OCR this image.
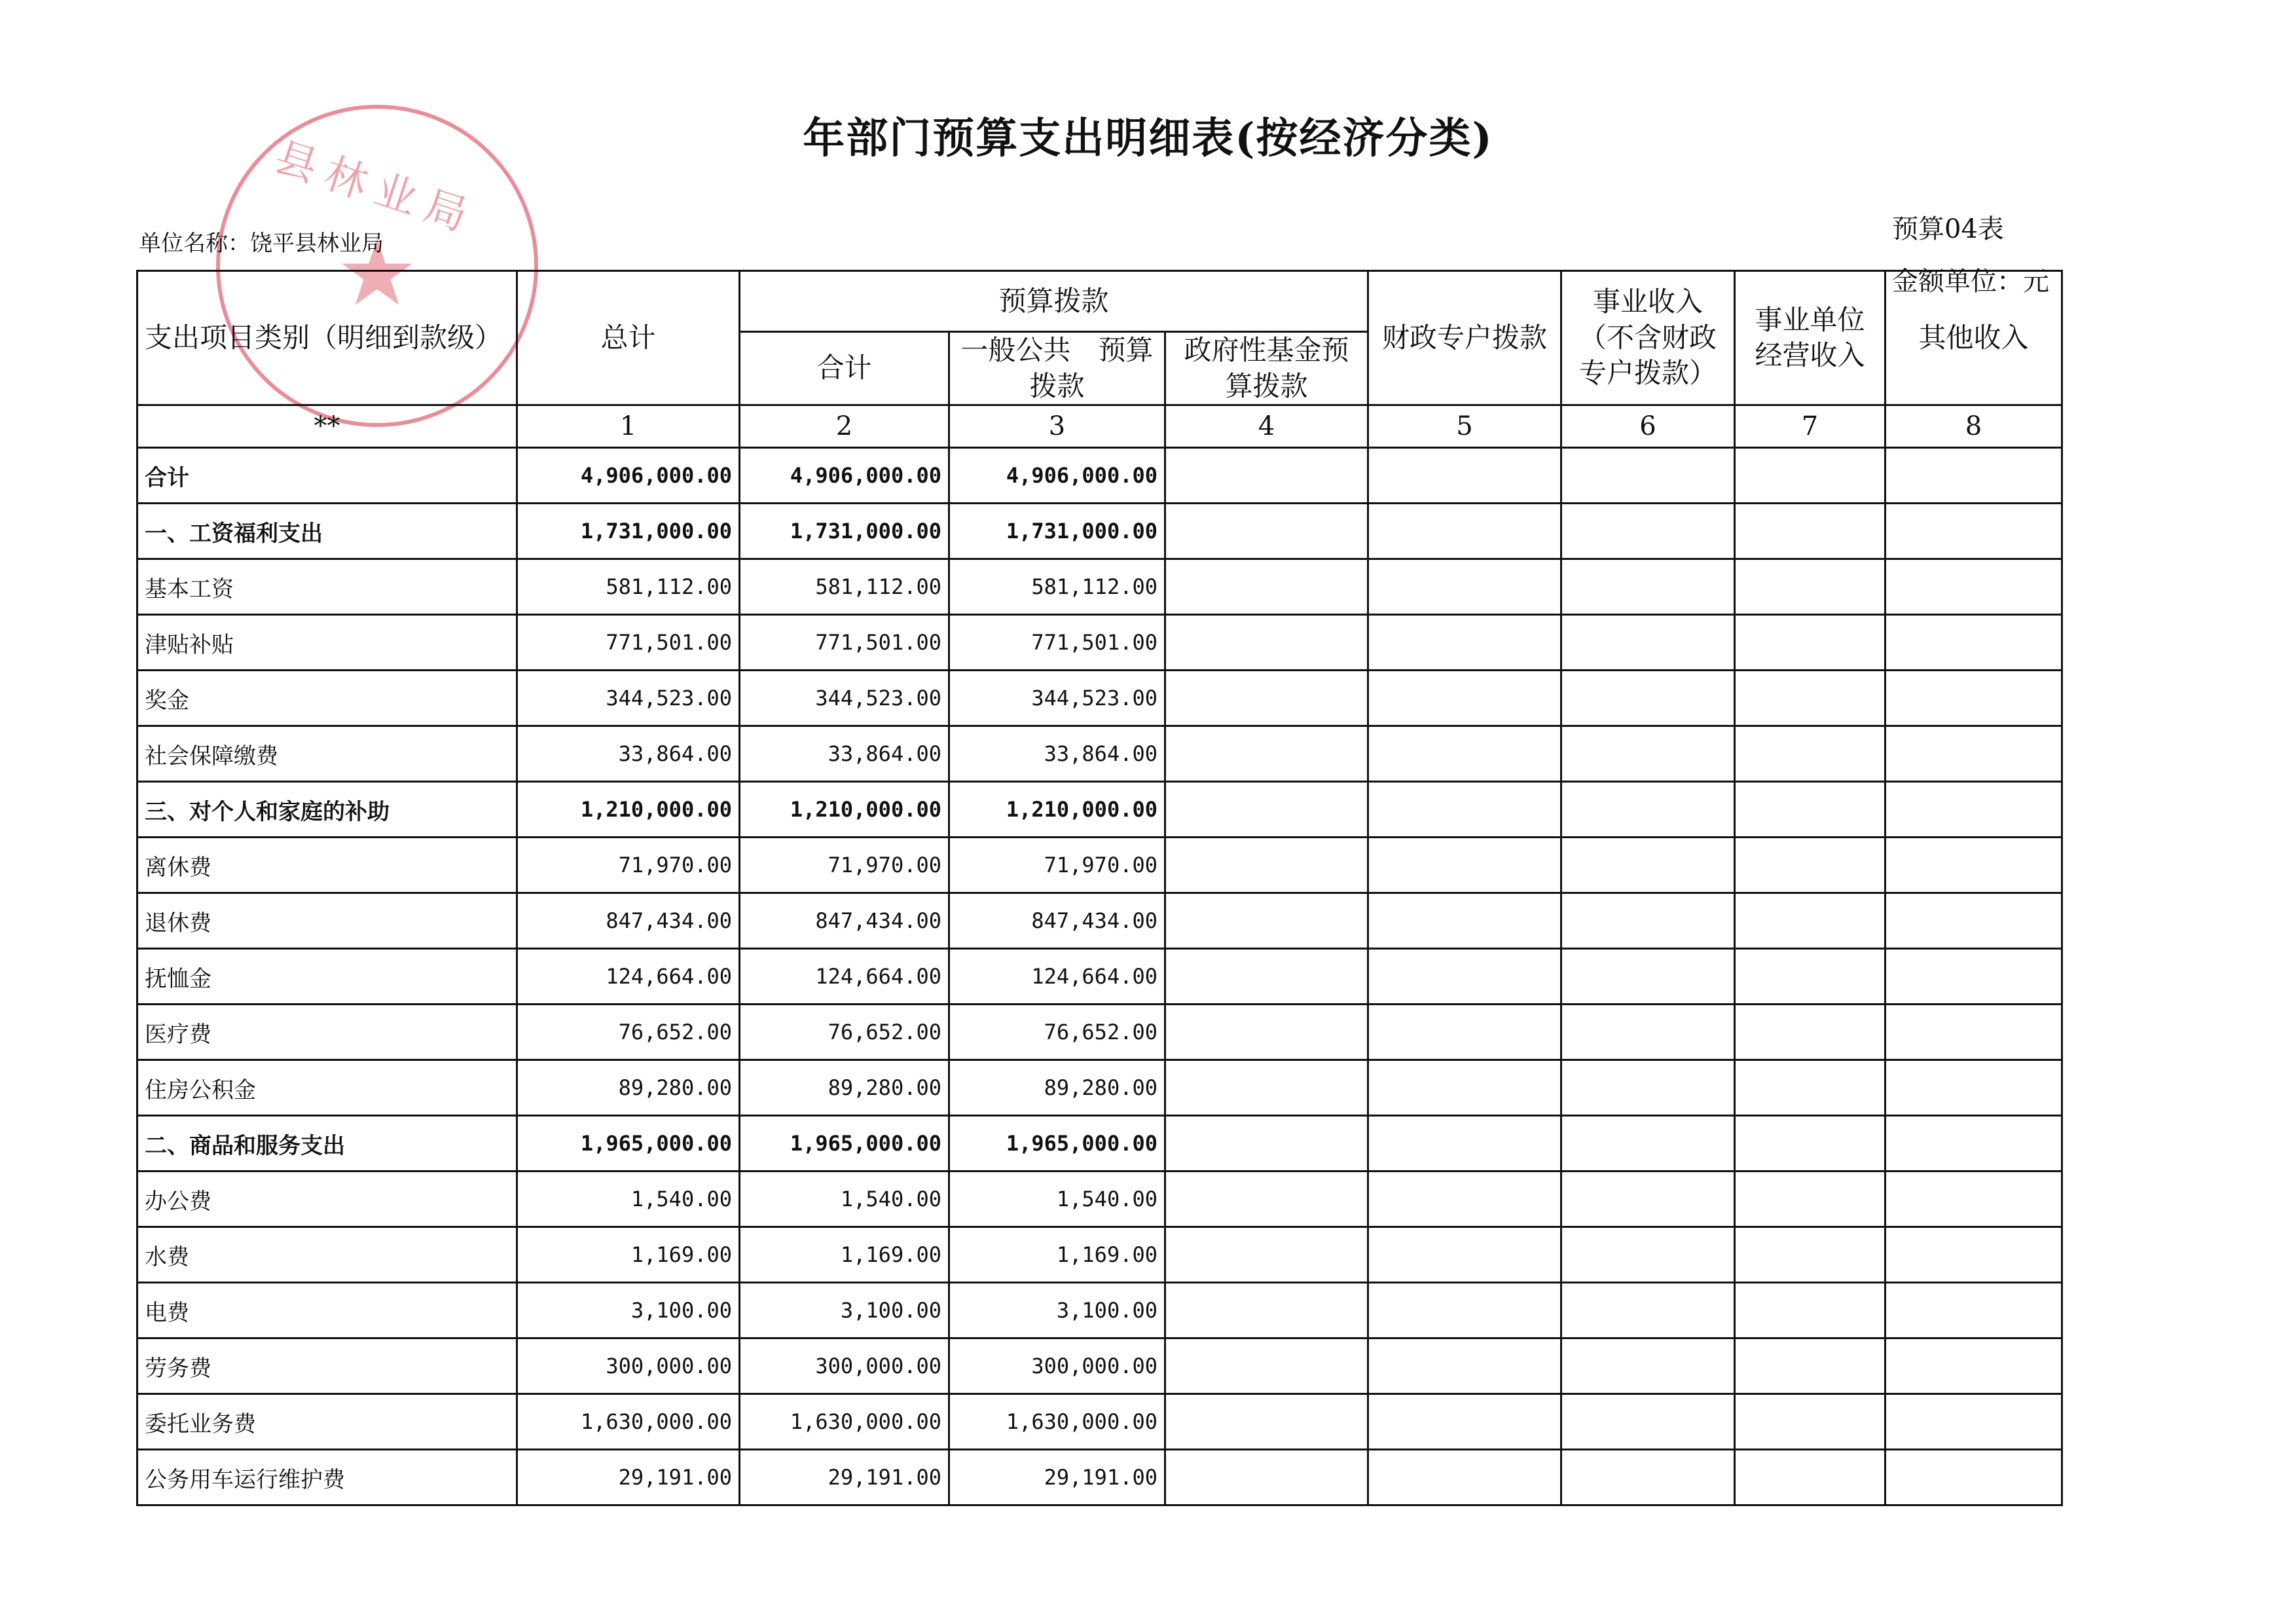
县林业局
★
年部门预算支出明细表(按经济分类)
预算04表
单位名称：饶平县林业局
金额单位：元
支出项目类别（明细到款级）	总计	预算拨款			财政专户拨款	事业收入（不含财政专户拨款）	事业单位经营收入	其他收入
		合计	一般公共　预算拨款	政府性基金预算拨款				
**	1	2	3	4	5	6	7	8
合计	4,906,000.00	4,906,000.00	4,906,000.00					
一、工资福利支出	1,731,000.00	1,731,000.00	1,731,000.00					
基本工资	581,112.00	581,112.00	581,112.00					
津贴补贴	771,501.00	771,501.00	771,501.00					
奖金	344,523.00	344,523.00	344,523.00					
社会保障缴费	33,864.00	33,864.00	33,864.00					
三、对个人和家庭的补助	1,210,000.00	1,210,000.00	1,210,000.00					
离休费	71,970.00	71,970.00	71,970.00					
退休费	847,434.00	847,434.00	847,434.00					
抚恤金	124,664.00	124,664.00	124,664.00					
医疗费	76,652.00	76,652.00	76,652.00					
住房公积金	89,280.00	89,280.00	89,280.00					
二、商品和服务支出	1,965,000.00	1,965,000.00	1,965,000.00					
办公费	1,540.00	1,540.00	1,540.00					
水费	1,169.00	1,169.00	1,169.00					
电费	3,100.00	3,100.00	3,100.00					
劳务费	300,000.00	300,000.00	300,000.00					
委托业务费	1,630,000.00	1,630,000.00	1,630,000.00					
公务用车运行维护费	29,191.00	29,191.00	29,191.00					
